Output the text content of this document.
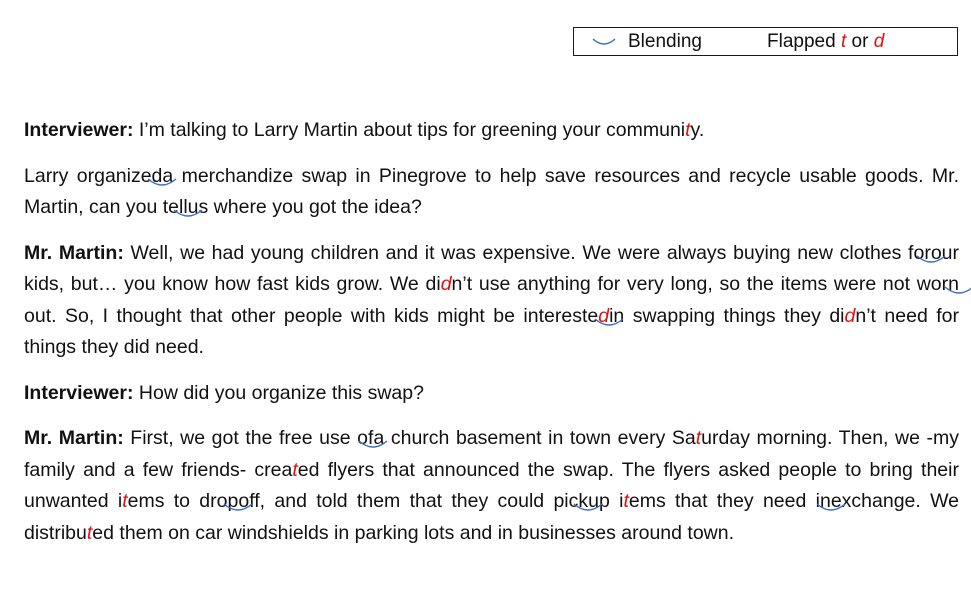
Blending	Flapped t or d

Interviewer: I’m talking to Larry Martin about tips for greening your community.

Larry organized
a merchandize swap in Pinegrove to help save resources and recycle usable goods. Mr. Martin, can you tell
us where you got the idea?

Mr. Martin: Well, we had young children and it was expensive. We were always buying new clothes for
our kids, but… you know how fast kids grow. We didn’t use anything for very long, so the items were not worn
out. So, I thought that other people with kids might be interested
in swapping things they didn’t need for things they did need.

Interviewer: How did you organize this swap?

Mr. Martin: First, we got the free use of
a church basement in town every Saturday morning. Then, we -my family and a few friends- created flyers that announced the swap. The flyers asked people to bring their unwanted items to drop
off, and told them that they could pick
up items that they need in
exchange. We distributed them on car windshields in parking lots and in businesses around town.
